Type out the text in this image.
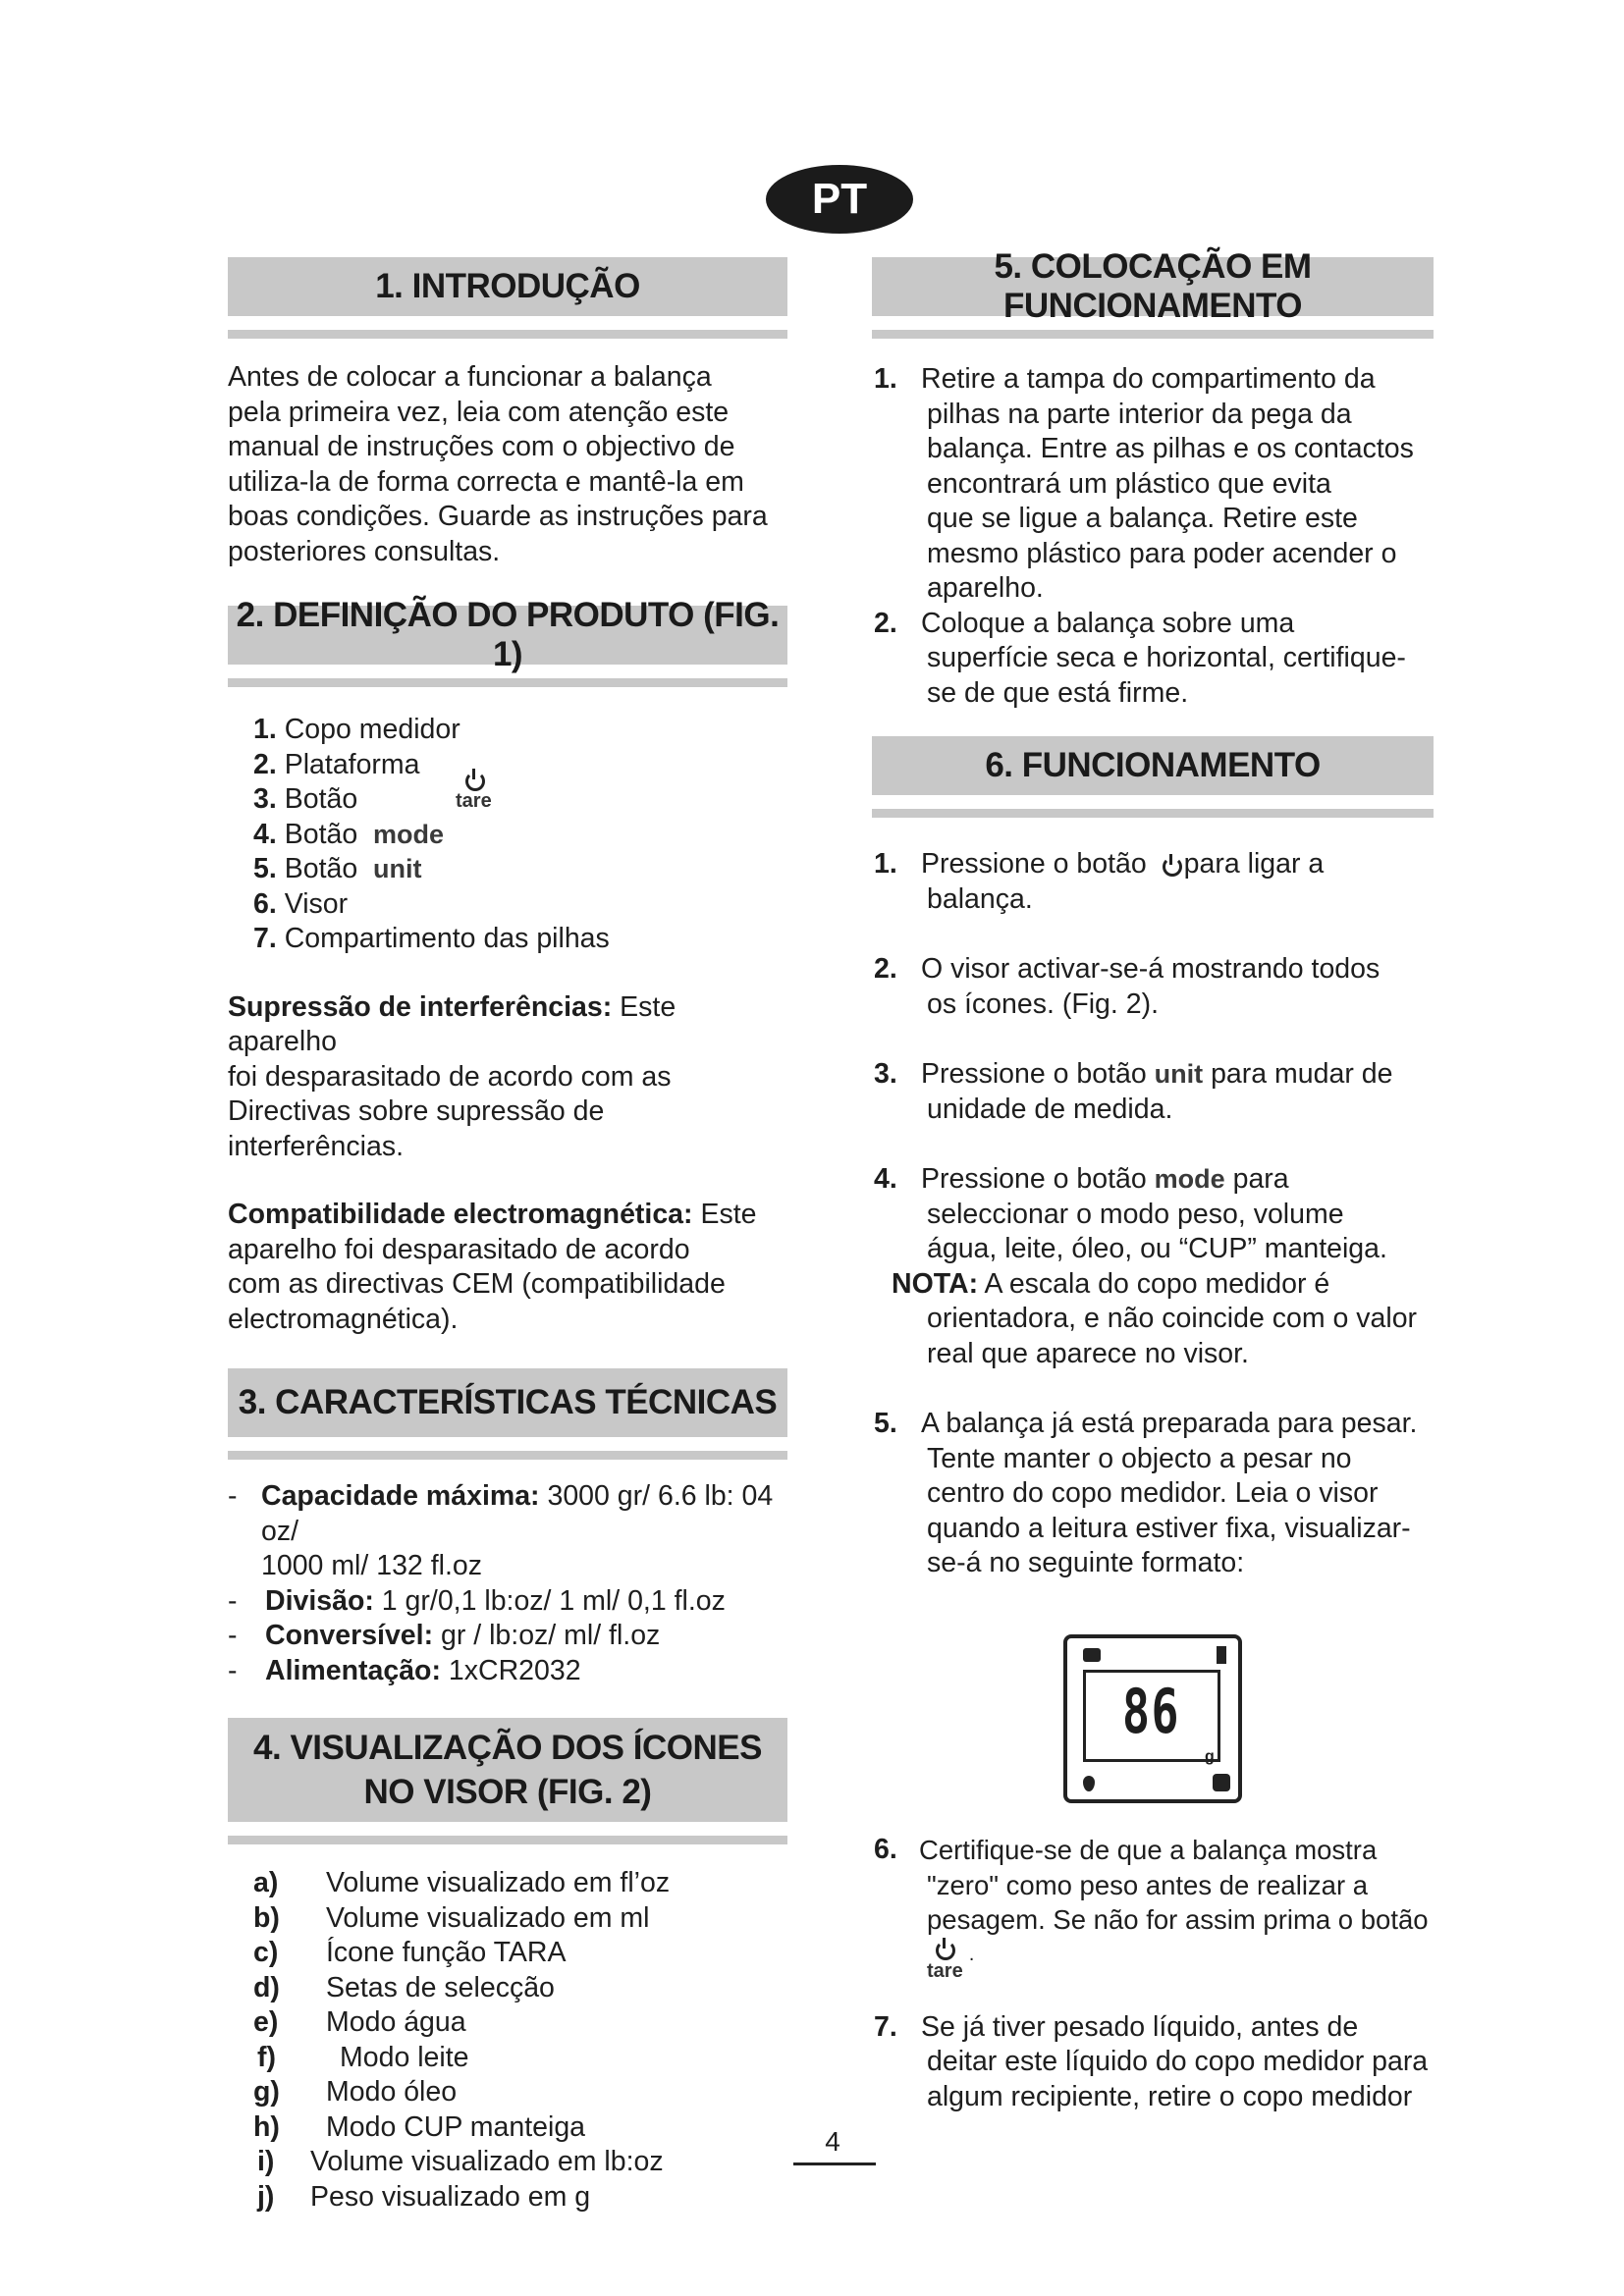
PT
1. INTRODUÇÃO

Antes de colocar a funcionar a balança

pela primeira vez, leia com atenção este

manual de instruções com o objectivo de

utiliza-la de forma correcta e mantê-la em

boas condições. Guarde as instruções para

posteriores consultas.

2. DEFINIÇÃO DO PRODUTO (FIG. 1)
1. Copo medidor
2. Plataforma
3. Botão	tare
4. Botão mode
5. Botão unit
6. Visor
7. Compartimento das pilhas

Supressão de interferências: Este aparelho

foi desparasitado de acordo com as

Directivas sobre supressão de interferências.

Compatibilidade electromagnética: Este

aparelho foi desparasitado de acordo

com as directivas CEM (compatibilidade

electromagnética).

3. CARACTERÍSTICAS TÉCNICAS
- Capacidade máxima: 3000 gr/ 6.6 lb: 04 oz/
1000 ml/ 132 fl.oz
- Divisão: 1 gr/0,1 lb:oz/ 1 ml/ 0,1 fl.oz
- Conversível: gr / lb:oz/ ml/ fl.oz
- Alimentação: 1xCR2032
4. VISUALIZAÇÃO DOS ÍCONES
NO VISOR (FIG. 2)
a) Volume visualizado em fl’oz
b) Volume visualizado em ml
c) Ícone função TARA
d) Setas de selecção
e) Modo água
f) Modo leite
g) Modo óleo
h) Modo CUP manteiga
i) Volume visualizado em lb:oz
j) Peso visualizado em g
5. COLOCAÇÃO EM FUNCIONAMENTO
1. Retire a tampa do compartimento da

pilhas na parte interior da pega da

balança. Entre as pilhas e os contactos

encontrará um plástico que evita

que se ligue a balança. Retire este

mesmo plástico para poder acender o

aparelho.

2. Coloque a balança sobre uma

superfície seca e horizontal, certifique-

se de que está firme.

6. FUNCIONAMENTO
1. Pressione o botão
para ligar a

balança.

2. O visor activar-se-á mostrando todos

os ícones. (Fig. 2).

3. Pressione o botão unit para mudar de

unidade de medida.

4. Pressione o botão mode para

seleccionar o modo peso, volume

água, leite, óleo, ou “CUP” manteiga.

NOTA: A escala do copo medidor é

orientadora, e não coincide com o valor

real que aparece no visor.

5. A balança já está preparada para pesar.

Tente manter o objecto a pesar no

centro do copo medidor. Leia o visor

quando a leitura estiver fixa, visualizar-

se-á no seguinte formato:

86
g
6. Certifique-se de que a balança mostra

"zero" como peso antes de realizar a

pesagem. Se não for assim prima o botão

tare
·

7. Se já tiver pesado líquido, antes de

deitar este líquido do copo medidor para

algum recipiente, retire o copo medidor

4
